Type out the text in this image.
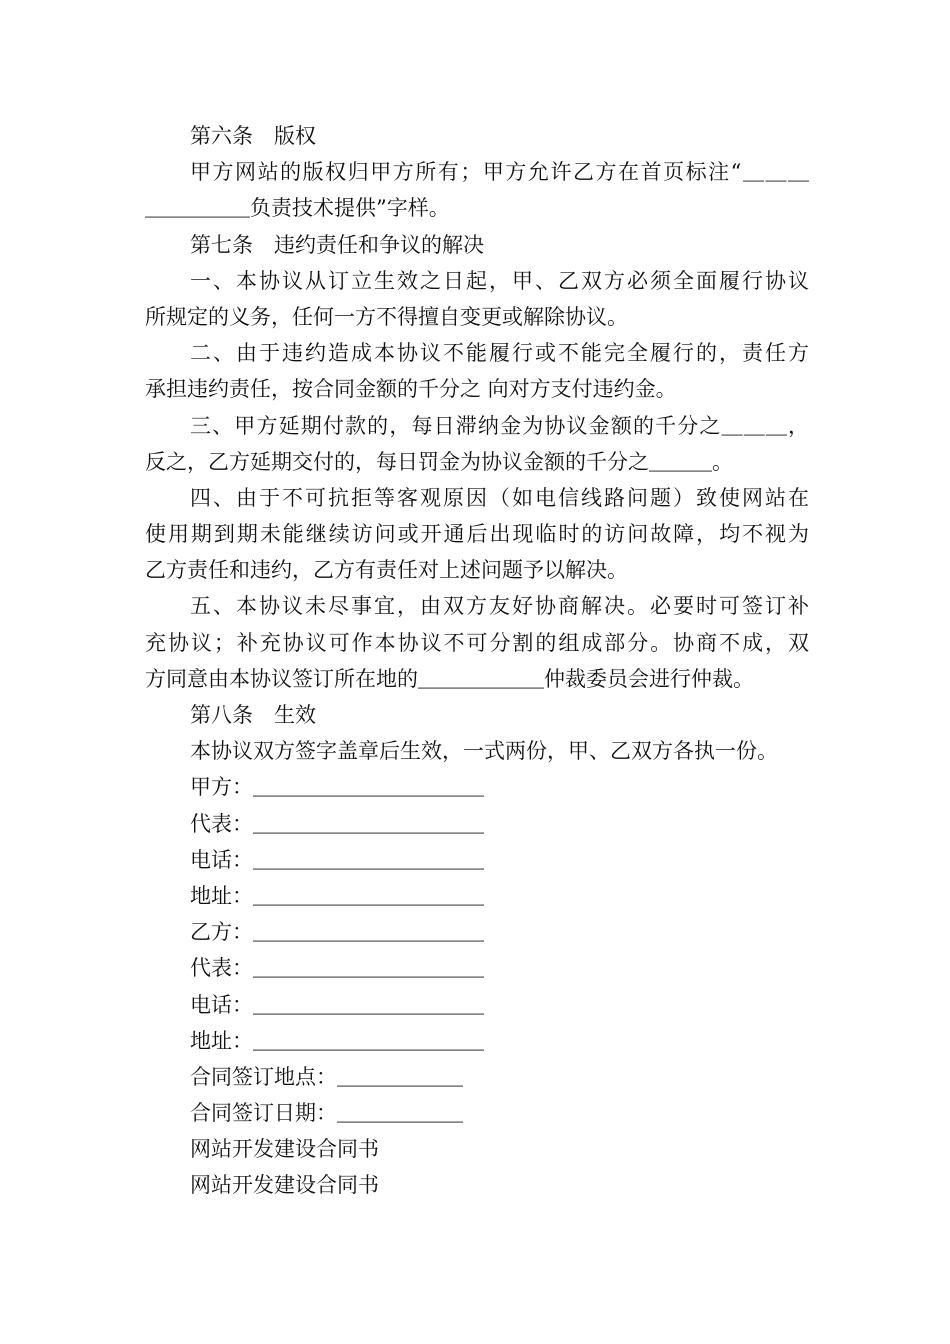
第六条　版权
甲方网站的版权归甲方所有；甲方允许乙方在首页标注“＿＿＿
＿＿＿＿＿负责技术提供”字样。
第七条　违约责任和争议的解决
一、本协议从订立生效之日起，甲、乙双方必须全面履行协议
所规定的义务，任何一方不得擅自变更或解除协议。
二、由于违约造成本协议不能履行或不能完全履行的，责任方
承担违约责任，按合同金额的千分之 向对方支付违约金。
三、甲方延期付款的，每日滞纳金为协议金额的千分之＿＿＿，
反之，乙方延期交付的，每日罚金为协议金额的千分之＿＿＿。
四、由于不可抗拒等客观原因（如电信线路问题）致使网站在
使用期到期未能继续访问或开通后出现临时的访问故障，均不视为
乙方责任和违约，乙方有责任对上述问题予以解决。
五、本协议未尽事宜，由双方友好协商解决。必要时可签订补
充协议；补充协议可作本协议不可分割的组成部分。协商不成，双
方同意由本协议签订所在地的＿＿＿＿＿＿仲裁委员会进行仲裁。
第八条　生效
本协议双方签字盖章后生效，一式两份，甲、乙双方各执一份。
甲方：＿＿＿＿＿＿＿＿＿＿＿
代表：＿＿＿＿＿＿＿＿＿＿＿
电话：＿＿＿＿＿＿＿＿＿＿＿
地址：＿＿＿＿＿＿＿＿＿＿＿
乙方：＿＿＿＿＿＿＿＿＿＿＿
代表：＿＿＿＿＿＿＿＿＿＿＿
电话：＿＿＿＿＿＿＿＿＿＿＿
地址：＿＿＿＿＿＿＿＿＿＿＿
合同签订地点：＿＿＿＿＿＿
合同签订日期：＿＿＿＿＿＿
网站开发建设合同书
网站开发建设合同书
